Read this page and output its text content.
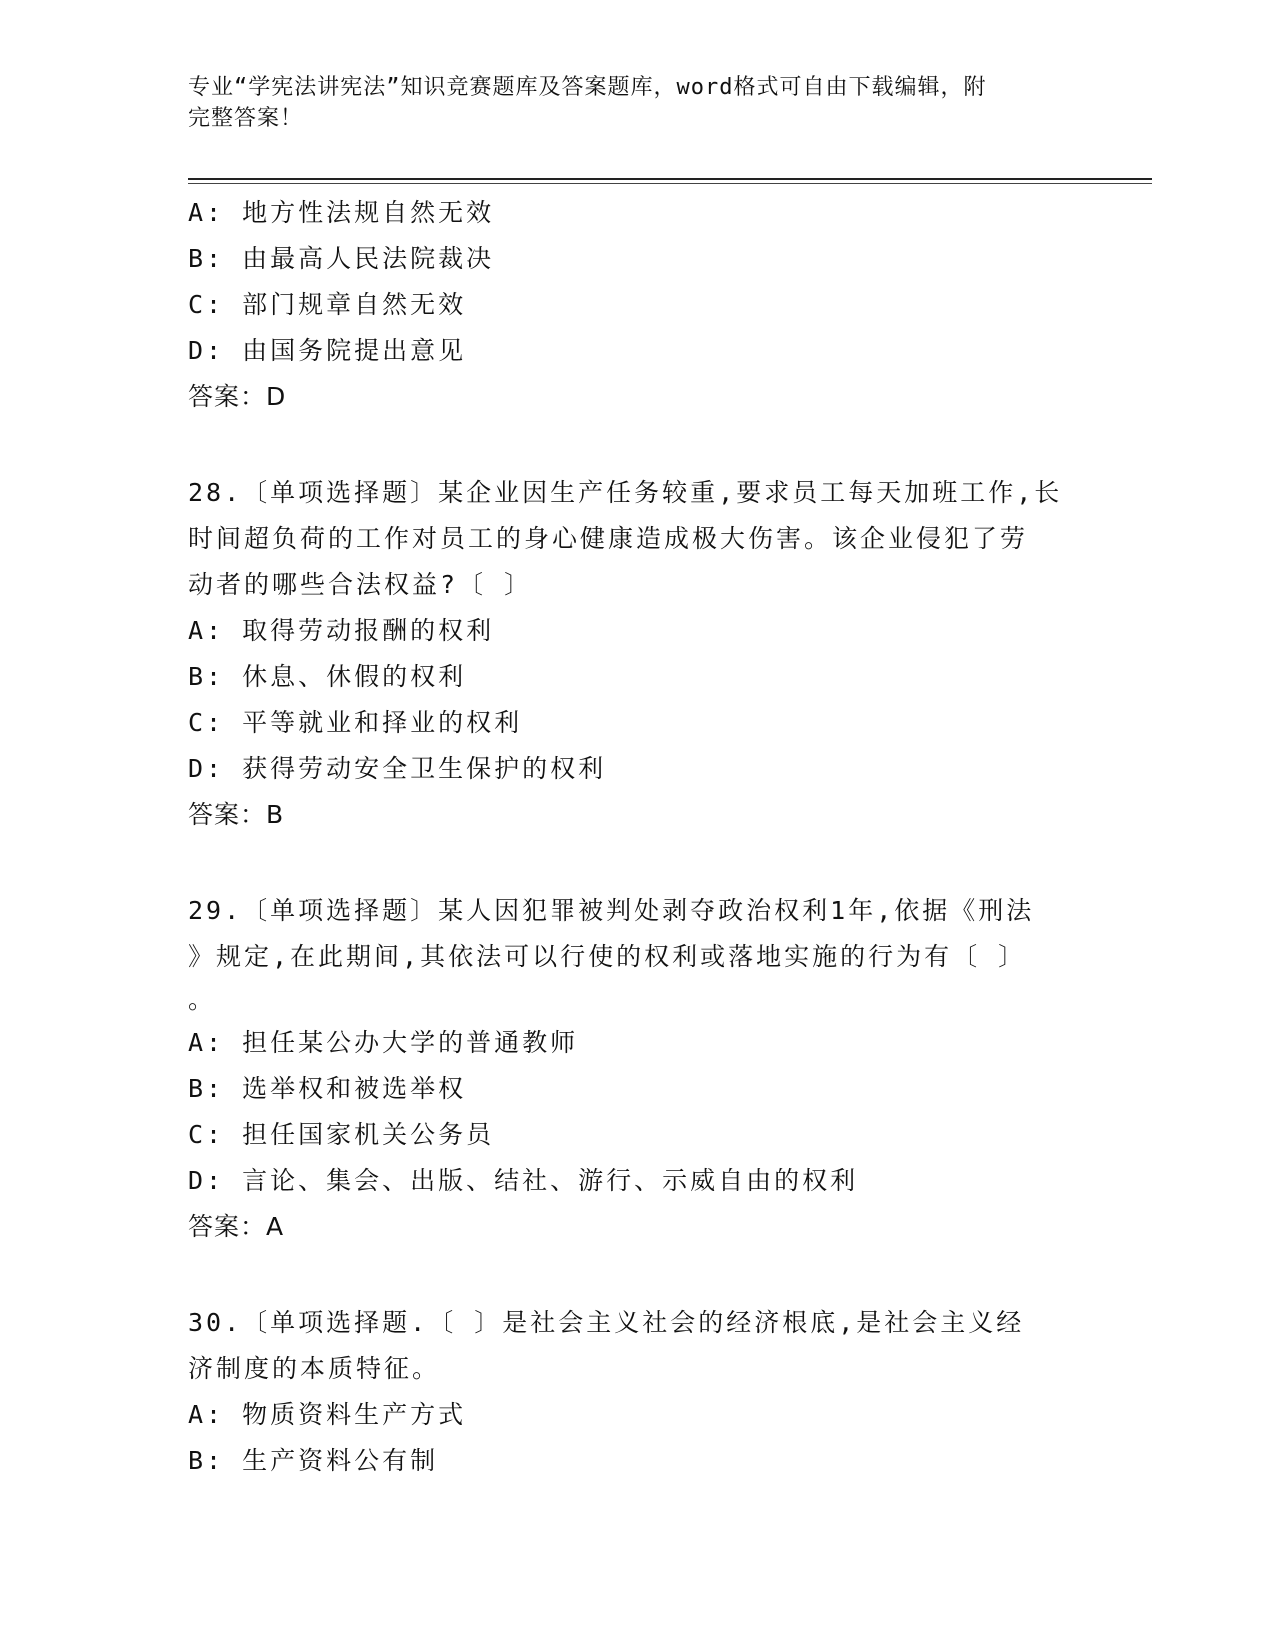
专业“学宪法讲宪法”知识竞赛题库及答案题库，word格式可自由下载编辑，附
完整答案！
A: 地方性法规自然无效
B: 由最高人民法院裁决
C: 部门规章自然无效
D: 由国务院提出意见
答案：D
28.〔单项选择题〕某企业因生产任务较重,要求员工每天加班工作,长
时间超负荷的工作对员工的身心健康造成极大伤害。该企业侵犯了劳
动者的哪些合法权益?〔 〕
A: 取得劳动报酬的权利
B: 休息、休假的权利
C: 平等就业和择业的权利
D: 获得劳动安全卫生保护的权利
答案：B
29.〔单项选择题〕某人因犯罪被判处剥夺政治权利1年,依据《刑法
》规定,在此期间,其依法可以行使的权利或落地实施的行为有〔 〕
。
A: 担任某公办大学的普通教师
B: 选举权和被选举权
C: 担任国家机关公务员
D: 言论、集会、出版、结社、游行、示威自由的权利
答案：A
30.〔单项选择题.〔 〕是社会主义社会的经济根底,是社会主义经
济制度的本质特征。
A: 物质资料生产方式
B: 生产资料公有制
